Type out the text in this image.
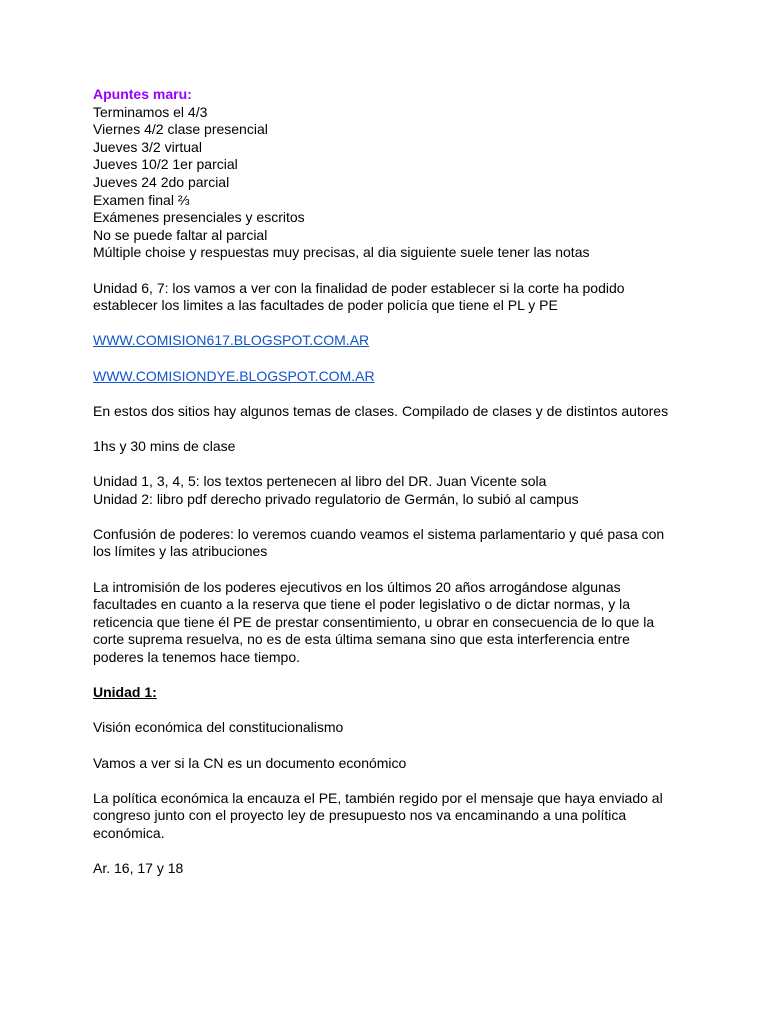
Apuntes maru:
Terminamos el 4/3
Viernes 4/2 clase presencial
Jueves 3/2 virtual
Jueves 10/2 1er parcial
Jueves 24 2do parcial
Examen final ⅔
Exámenes presenciales y escritos
No se puede faltar al parcial
Múltiple choise y respuestas muy precisas, al dia siguiente suele tener las notas
Unidad 6, 7: los vamos a ver con la finalidad de poder establecer si la corte ha podido establecer los limites a las facultades de poder policía que tiene el PL y PE
WWW.COMISION617.BLOGSPOT.COM.AR
WWW.COMISIONDYE.BLOGSPOT.COM.AR
En estos dos sitios hay algunos temas de clases. Compilado de clases y de distintos autores
1hs y 30 mins de clase
Unidad 1, 3, 4, 5: los textos pertenecen al libro del DR. Juan Vicente sola
Unidad 2: libro pdf derecho privado regulatorio de Germán, lo subió al campus
Confusión de poderes: lo veremos cuando veamos el sistema parlamentario y qué pasa con los límites y las atribuciones
La intromisión de los poderes ejecutivos en los últimos 20 años arrogándose algunas facultades en cuanto a la reserva que tiene el poder legislativo o de dictar normas, y la reticencia que tiene él PE de prestar consentimiento, u obrar en consecuencia de lo que la corte suprema resuelva, no es de esta última semana sino que esta interferencia entre poderes la tenemos hace tiempo.
Unidad 1:
Visión económica del constitucionalismo
Vamos a ver si la CN es un documento económico
La política económica la encauza el PE, también regido por el mensaje que haya enviado al congreso junto con el proyecto ley de presupuesto nos va encaminando a una política económica.
Ar. 16, 17 y 18
